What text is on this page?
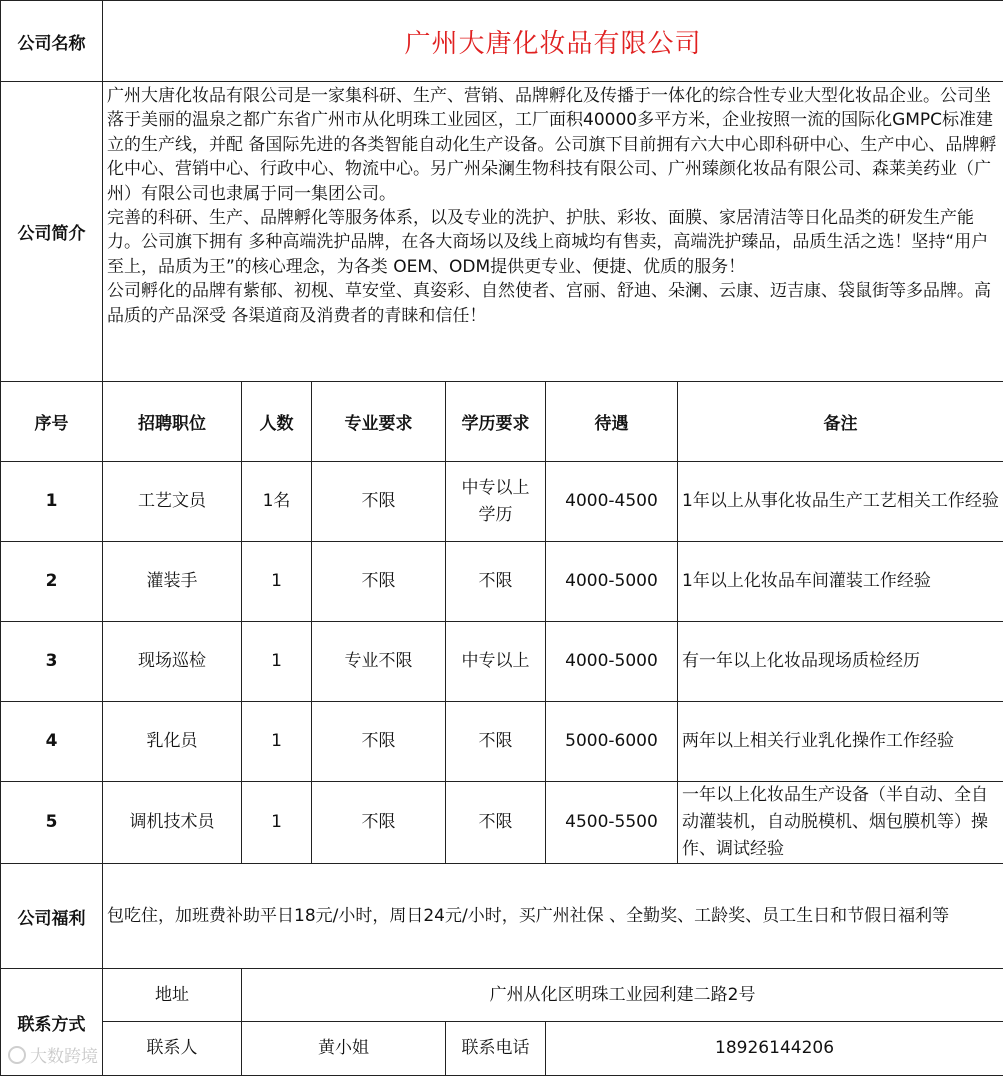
公司名称	广州大唐化妆品有限公司					
公司简介	广州大唐化妆品有限公司是一家集科研、生产、营销、品牌孵化及传播于一体化的综合性专业大型化妆品企业。公司坐落于美丽的温泉之都广东省广州市从化明珠工业园区，工厂面积40000多平方米，企业按照一流的国际化GMPC标准建立的生产线，并配 备国际先进的各类智能自动化生产设备。公司旗下目前拥有六大中心即科研中心、生产中心、品牌孵化中心、营销中心、行政中心、物流中心。另广州朵澜生物科技有限公司、广州臻颜化妆品有限公司、森莱美药业（广州）有限公司也隶属于同一集团公司。

完善的科研、生产、品牌孵化等服务体系，以及专业的洗护、护肤、彩妆、面膜、家居清洁等日化品类的研发生产能力。公司旗下拥有 多种高端洗护品牌，在各大商场以及线上商城均有售卖，高端洗护臻品，品质生活之选！坚持“用户至上，品质为王”的核心理念，为各类 OEM、ODM提供更专业、便捷、优质的服务！

公司孵化的品牌有紫郁、初枧、草安堂、真姿彩、自然使者、宫丽、舒迪、朵澜、云康、迈吉康、袋鼠街等多品牌。高品质的产品深受 各渠道商及消费者的青睐和信任！					

序号	招聘职位	人数	专业要求	学历要求	待遇	备注
1	工艺文员	1名	不限	中专以上学历	4000-4500	1年以上从事化妆品生产工艺相关工作经验
2	灌装手	1	不限	不限	4000-5000	1年以上化妆品车间灌装工作经验
3	现场巡检	1	专业不限	中专以上	4000-5000	有一年以上化妆品现场质检经历
4	乳化员	1	不限	不限	5000-6000	两年以上相关行业乳化操作工作经验
5	调机技术员	1	不限	不限	4500-5500	一年以上化妆品生产设备（半自动、全自动灌装机，自动脱模机、烟包膜机等）操作、调试经验
公司福利	包吃住，加班费补助平日18元/小时，周日24元/小时，买广州社保 、全勤奖、工龄奖、员工生日和节假日福利等					
联系方式	地址	广州从化区明珠工业园利建二路2号				
	联系人	黄小姐		联系电话	18926144206	
大数跨境
